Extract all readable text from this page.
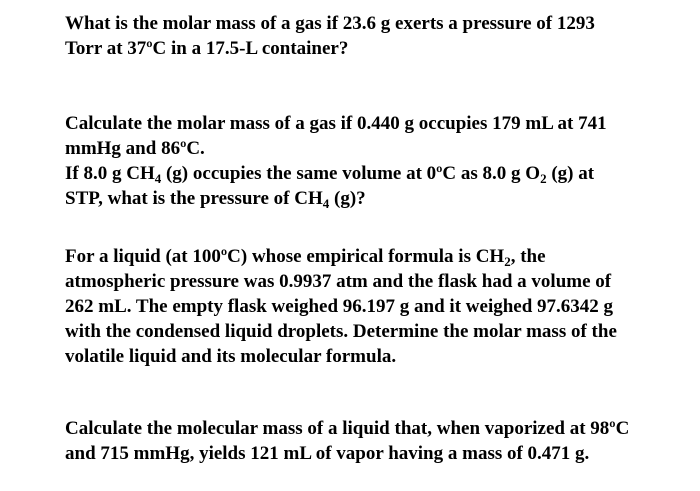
What is the molar mass of a gas if 23.6 g exerts a pressure of 1293
Torr at 37ºC in a 17.5-L container?
Calculate the molar mass of a gas if 0.440 g occupies 179 mL at 741
mmHg and 86ºC.
If 8.0 g $CH_4$ (g) occupies the same volume at 0ºC as 8.0 g $O_2$ (g) at
STP, what is the pressure of $CH_4$ (g)?
For a liquid (at 100ºC) whose empirical formula is $CH_2$, the
atmospheric pressure was 0.9937 atm and the flask had a volume of
262 mL. The empty flask weighed 96.197 g and it weighed 97.6342 g
with the condensed liquid droplets. Determine the molar mass of the
volatile liquid and its molecular formula.
Calculate the molecular mass of a liquid that, when vaporized at 98ºC
and 715 mmHg, yields 121 mL of vapor having a mass of 0.471 g.
